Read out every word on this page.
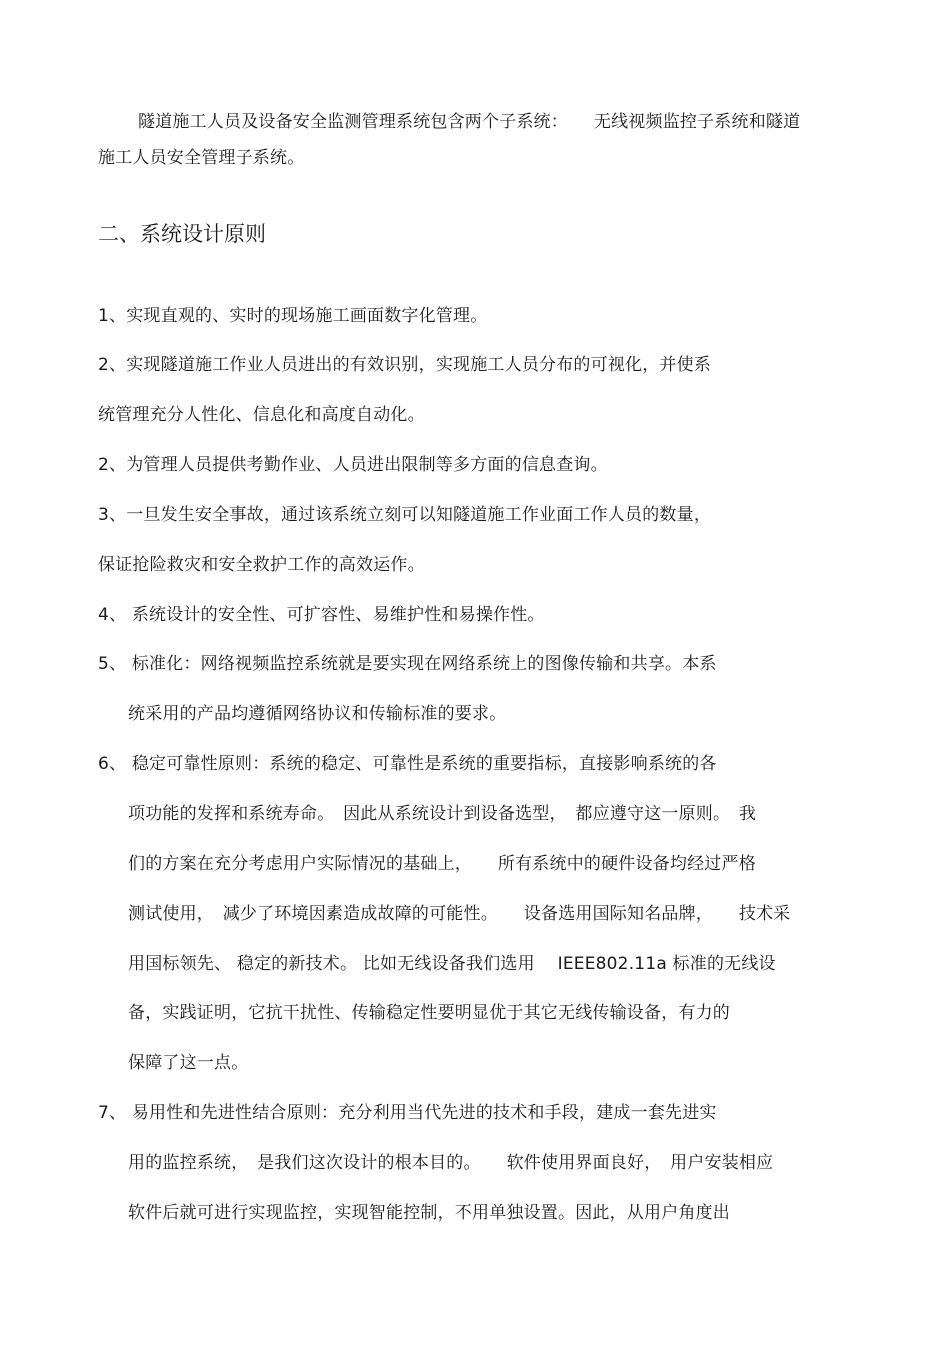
隧道施工人员及设备安全监测管理系统包含两个子系统：　　无线视频监控子系统和隧道
施工人员安全管理子系统。
二、系统设计原则
1、实现直观的、实时的现场施工画面数字化管理。
2、实现隧道施工作业人员进出的有效识别，实现施工人员分布的可视化，并使系
统管理充分人性化、信息化和高度自动化。
2、为管理人员提供考勤作业、人员进出限制等多方面的信息查询。
3、一旦发生安全事故，通过该系统立刻可以知隧道施工作业面工作人员的数量，
保证抢险救灾和安全救护工作的高效运作。
4、 系统设计的安全性、可扩容性、易维护性和易操作性。
5、 标准化：网络视频监控系统就是要实现在网络系统上的图像传输和共享。本系
统采用的产品均遵循网络协议和传输标准的要求。
6、 稳定可靠性原则：系统的稳定、可靠性是系统的重要指标，直接影响系统的各
项功能的发挥和系统寿命。　因此从系统设计到设备选型，　都应遵守这一原则。　我
们的方案在充分考虑用户实际情况的基础上，　　所有系统中的硬件设备均经过严格
测试使用，　减少了环境因素造成故障的可能性。　　设备选用国际知名品牌，　　技术采
用国标领先、 稳定的新技术。 比如无线设备我们选用　 IEEE802.11a 标准的无线设
备，实践证明，它抗干扰性、传输稳定性要明显优于其它无线传输设备，有力的
保障了这一点。
7、 易用性和先进性结合原则：充分利用当代先进的技术和手段，建成一套先进实
用的监控系统，　是我们这次设计的根本目的。　　软件使用界面良好，　用户安装相应
软件后就可进行实现监控，实现智能控制，不用单独设置。因此，从用户角度出
